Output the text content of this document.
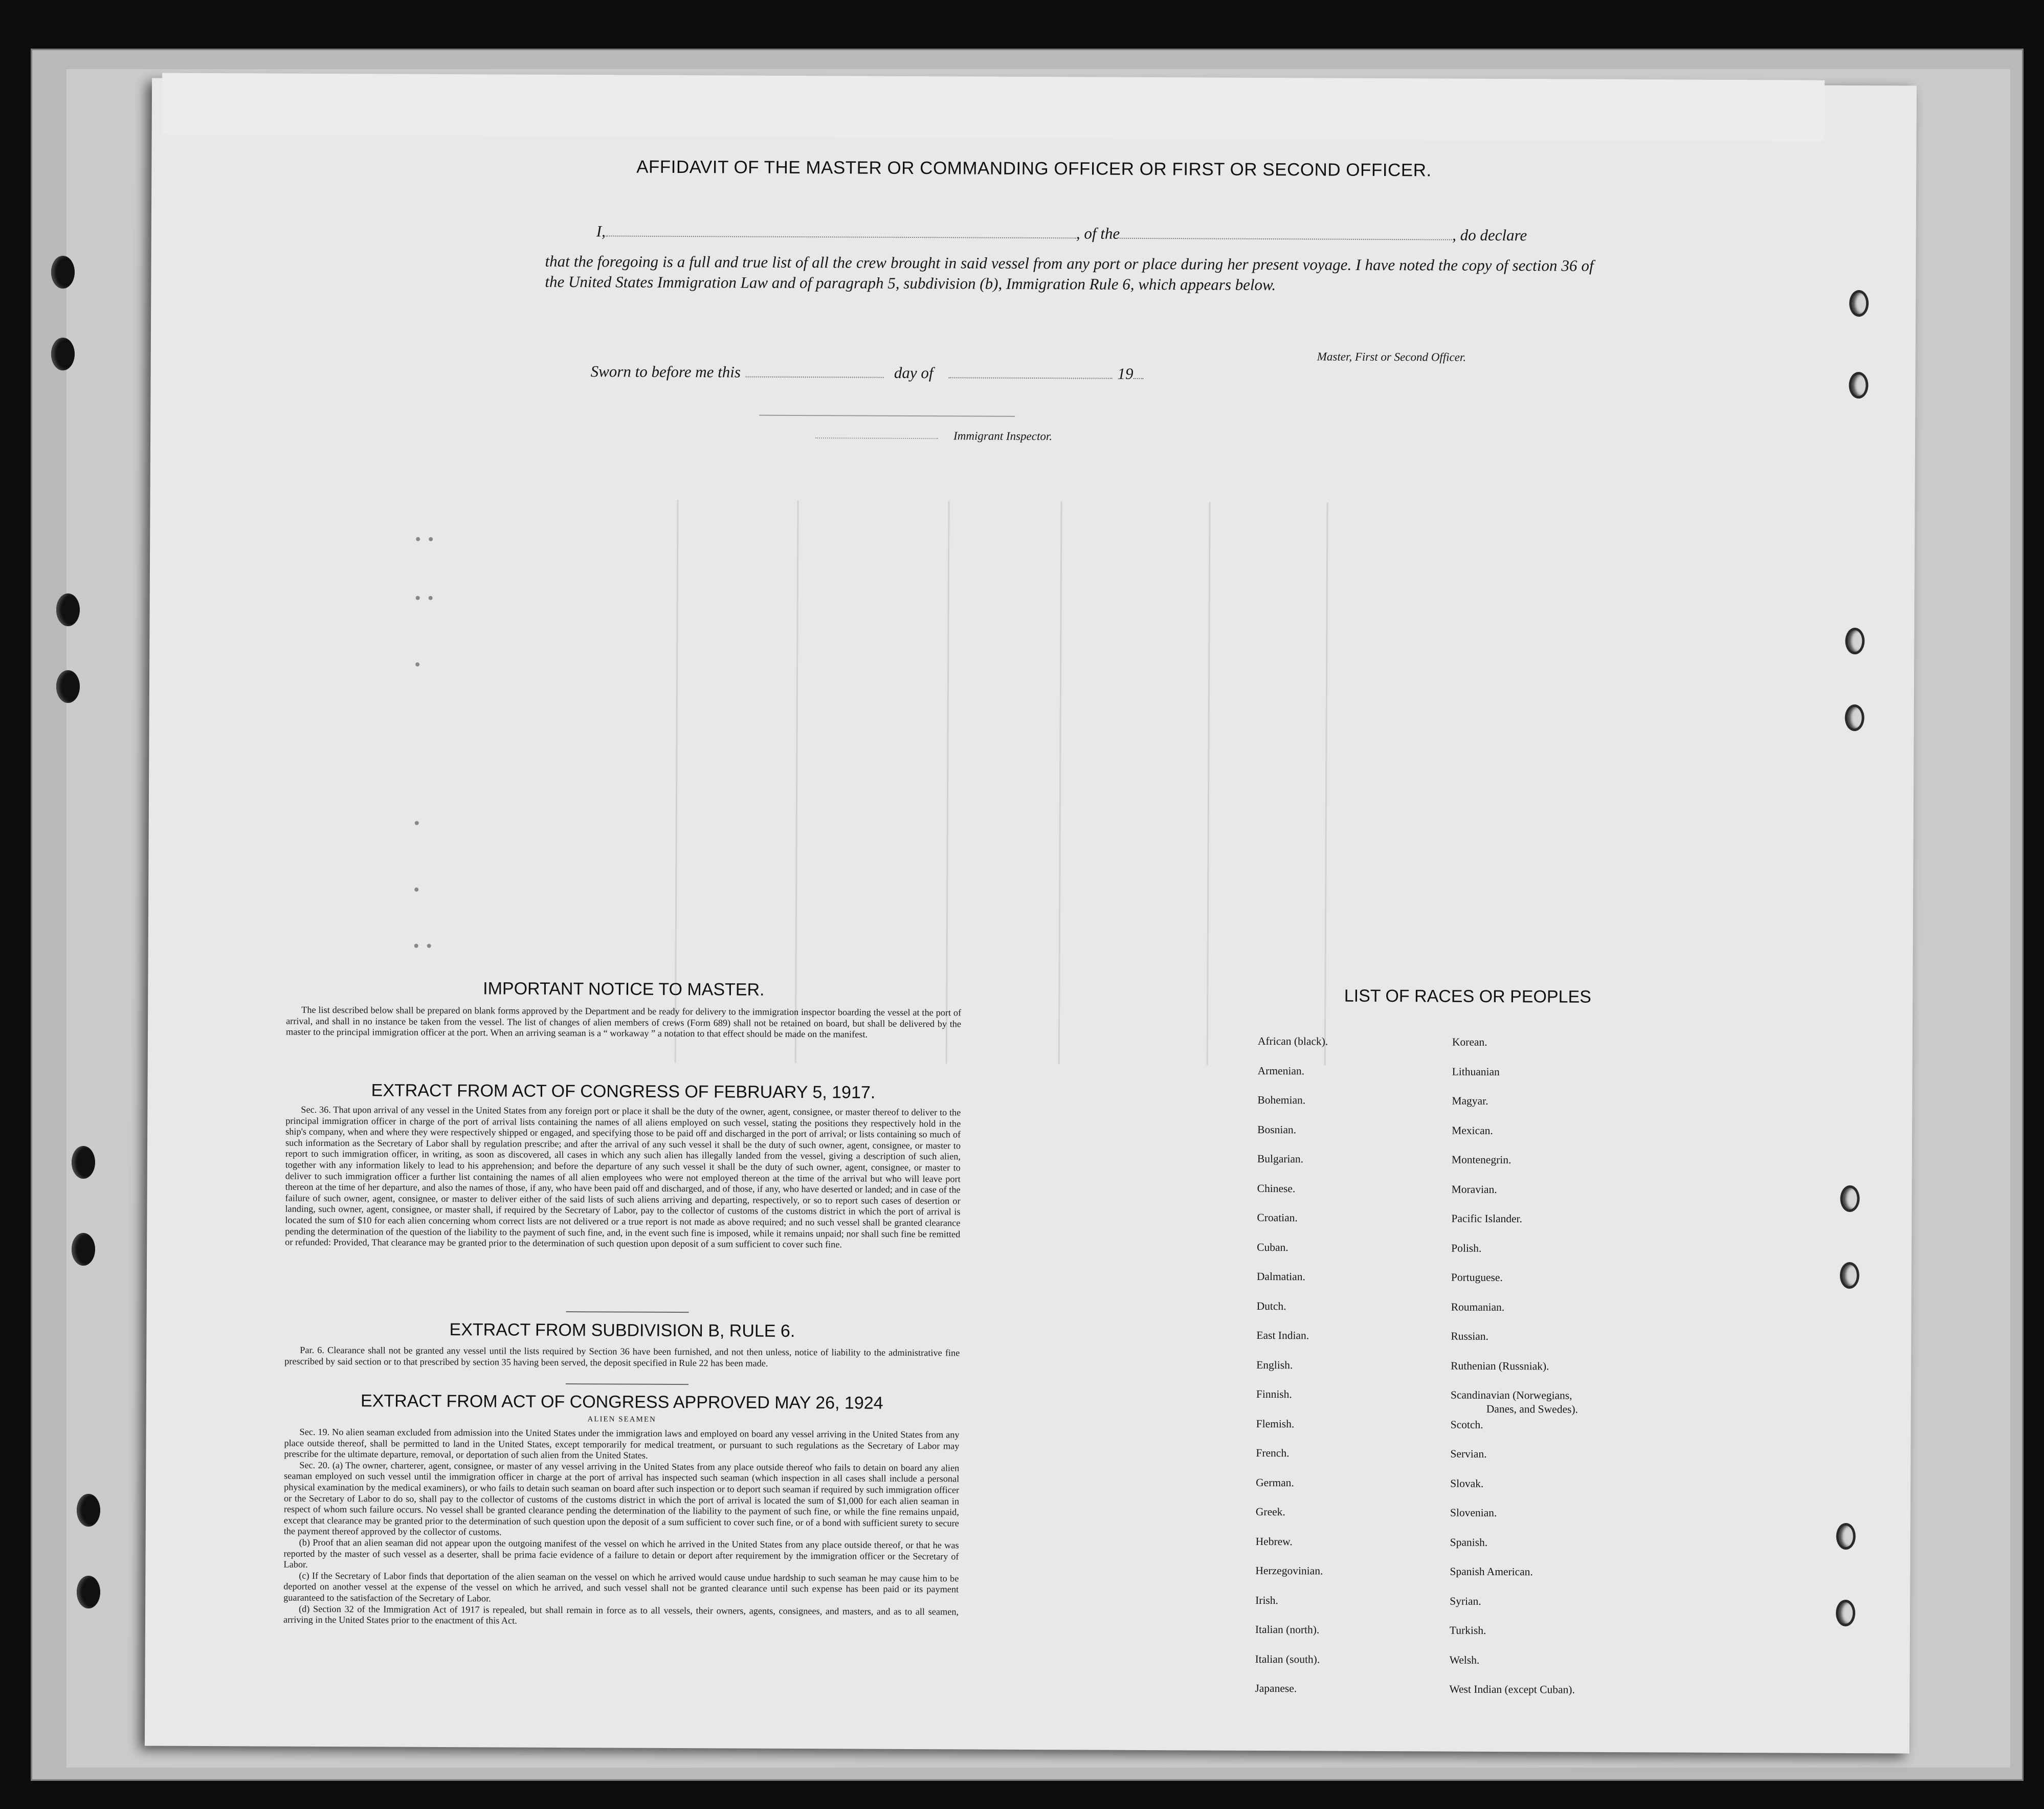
AFFIDAVIT OF THE MASTER OR COMMANDING OFFICER OR FIRST OR SECOND OFFICER.
I,	, of the	, do declare
that the foregoing is a full and true list of all the crew brought in said vessel from any port or place during her present voyage. I have noted the copy of section 36 of the United States Immigration Law and of paragraph 5, subdivision (b), Immigration Rule 6, which appears below.
Master, First or Second Officer.
Sworn to before me this	day of	19
Immigrant Inspector.
IMPORTANT NOTICE TO MASTER.

The list described below shall be prepared on blank forms approved by the Department and be ready for delivery to the immigration inspector boarding the vessel at the port of arrival, and shall in no instance be taken from the vessel. The list of changes of alien members of crews (Form 689) shall not be retained on board, but shall be delivered by the master to the principal immigration officer at the port. When an arriving seaman is a “ workaway ” a notation to that effect should be made on the manifest.

EXTRACT FROM ACT OF CONGRESS OF FEBRUARY 5, 1917.

Sec. 36. That upon arrival of any vessel in the United States from any foreign port or place it shall be the duty of the owner, agent, consignee, or master thereof to deliver to the principal immigration officer in charge of the port of arrival lists containing the names of all aliens employed on such vessel, stating the positions they respectively hold in the ship's company, when and where they were respectively shipped or engaged, and specifying those to be paid off and discharged in the port of arrival; or lists containing so much of such information as the Secretary of Labor shall by regulation prescribe; and after the arrival of any such vessel it shall be the duty of such owner, agent, consignee, or master to report to such immigration officer, in writing, as soon as discovered, all cases in which any such alien has illegally landed from the vessel, giving a description of such alien, together with any information likely to lead to his apprehension; and before the departure of any such vessel it shall be the duty of such owner, agent, consignee, or master to deliver to such immigration officer a further list containing the names of all alien employees who were not employed thereon at the time of the arrival but who will leave port thereon at the time of her departure, and also the names of those, if any, who have been paid off and discharged, and of those, if any, who have deserted or landed; and in case of the failure of such owner, agent, consignee, or master to deliver either of the said lists of such aliens arriving and departing, respectively, or so to report such cases of desertion or landing, such owner, agent, consignee, or master shall, if required by the Secretary of Labor, pay to the collector of customs of the customs district in which the port of arrival is located the sum of $10 for each alien concerning whom correct lists are not delivered or a true report is not made as above required; and no such vessel shall be granted clearance pending the determination of the question of the liability to the payment of such fine, and, in the event such fine is imposed, while it remains unpaid; nor shall such fine be remitted or refunded: Provided, That clearance may be granted prior to the determination of such question upon deposit of a sum sufficient to cover such fine.

EXTRACT FROM SUBDIVISION B, RULE 6.

Par. 6. Clearance shall not be granted any vessel until the lists required by Section 36 have been furnished, and not then unless, notice of liability to the administrative fine prescribed by said section or to that prescribed by section 35 having been served, the deposit specified in Rule 22 has been made.

EXTRACT FROM ACT OF CONGRESS APPROVED MAY 26, 1924
ALIEN SEAMEN

Sec. 19. No alien seaman excluded from admission into the United States under the immigration laws and employed on board any vessel arriving in the United States from any place outside thereof, shall be permitted to land in the United States, except temporarily for medical treatment, or pursuant to such regulations as the Secretary of Labor may prescribe for the ultimate departure, removal, or deportation of such alien from the United States.

Sec. 20. (a) The owner, charterer, agent, consignee, or master of any vessel arriving in the United States from any place outside thereof who fails to detain on board any alien seaman employed on such vessel until the immigration officer in charge at the port of arrival has inspected such seaman (which inspection in all cases shall include a personal physical examination by the medical examiners), or who fails to detain such seaman on board after such inspection or to deport such seaman if required by such immigration officer or the Secretary of Labor to do so, shall pay to the collector of customs of the customs district in which the port of arrival is located the sum of $1,000 for each alien seaman in respect of whom such failure occurs. No vessel shall be granted clearance pending the determination of the liability to the payment of such fine, or while the fine remains unpaid, except that clearance may be granted prior to the determination of such question upon the deposit of a sum sufficient to cover such fine, or of a bond with sufficient surety to secure the payment thereof approved by the collector of customs.

(b) Proof that an alien seaman did not appear upon the outgoing manifest of the vessel on which he arrived in the United States from any place outside thereof, or that he was reported by the master of such vessel as a deserter, shall be prima facie evidence of a failure to detain or deport after requirement by the immigration officer or the Secretary of Labor.

(c) If the Secretary of Labor finds that deportation of the alien seaman on the vessel on which he arrived would cause undue hardship to such seaman he may cause him to be deported on another vessel at the expense of the vessel on which he arrived, and such vessel shall not be granted clearance until such expense has been paid or its payment guaranteed to the satisfaction of the Secretary of Labor.

(d) Section 32 of the Immigration Act of 1917 is repealed, but shall remain in force as to all vessels, their owners, agents, consignees, and masters, and as to all seamen, arriving in the United States prior to the enactment of this Act.

LIST OF RACES OR PEOPLES
African (black).
Armenian.
Bohemian.
Bosnian.
Bulgarian.
Chinese.
Croatian.
Cuban.
Dalmatian.
Dutch.
East Indian.
English.
Finnish.
Flemish.
French.
German.
Greek.
Hebrew.
Herzegovinian.
Irish.
Italian (north).
Italian (south).
Japanese.
Korean.
Lithuanian
Magyar.
Mexican.
Montenegrin.
Moravian.
Pacific Islander.
Polish.
Portuguese.
Roumanian.
Russian.
Ruthenian (Russniak).
Scandinavian (Norwegians,
Danes, and Swedes).
Scotch.
Servian.
Slovak.
Slovenian.
Spanish.
Spanish American.
Syrian.
Turkish.
Welsh.
West Indian (except Cuban).
